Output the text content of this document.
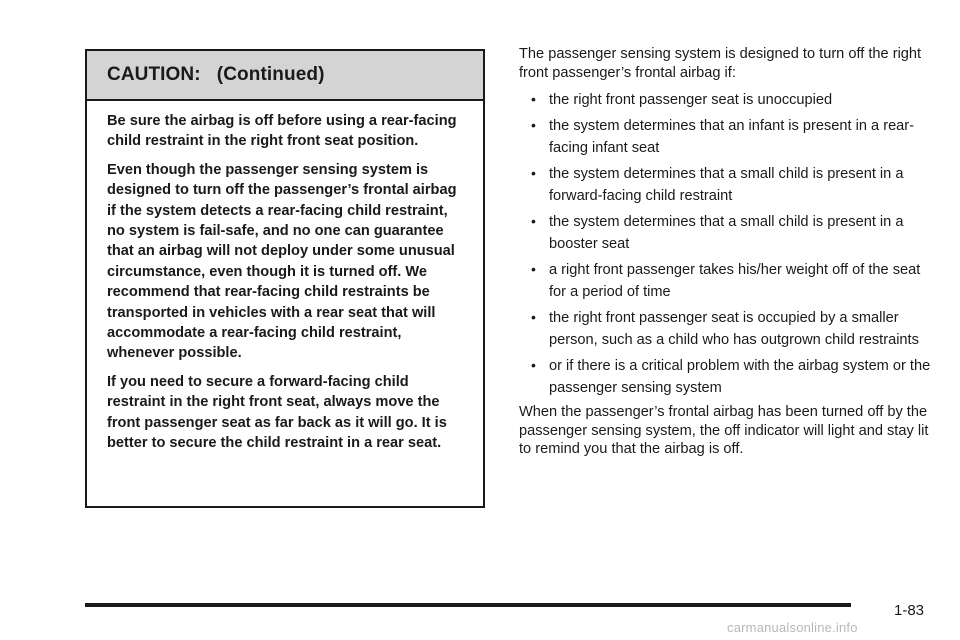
CAUTION:   (Continued)

Be sure the airbag is off before using a rear-facing child restraint in the right front seat position.

Even though the passenger sensing system is designed to turn off the passenger’s frontal airbag if the system detects a rear-facing child restraint, no system is fail-safe, and no one can guarantee that an airbag will not deploy under some unusual circumstance, even though it is turned off. We recommend that rear-facing child restraints be transported in vehicles with a rear seat that will accommodate a rear-facing child restraint, whenever possible.

If you need to secure a forward-facing child restraint in the right front seat, always move the front passenger seat as far back as it will go. It is better to secure the child restraint in a rear seat.

The passenger sensing system is designed to turn off the right front passenger’s frontal airbag if:

• the right front passenger seat is unoccupied
• the system determines that an infant is present in a rear-facing infant seat
• the system determines that a small child is present in a forward-facing child restraint
• the system determines that a small child is present in a booster seat
• a right front passenger takes his/her weight off of the seat for a period of time
• the right front passenger seat is occupied by a smaller person, such as a child who has outgrown child restraints
• or if there is a critical problem with the airbag system or the passenger sensing system

When the passenger’s frontal airbag has been turned off by the passenger sensing system, the off indicator will light and stay lit to remind you that the airbag is off.

1-83
carmanualsonline.info
